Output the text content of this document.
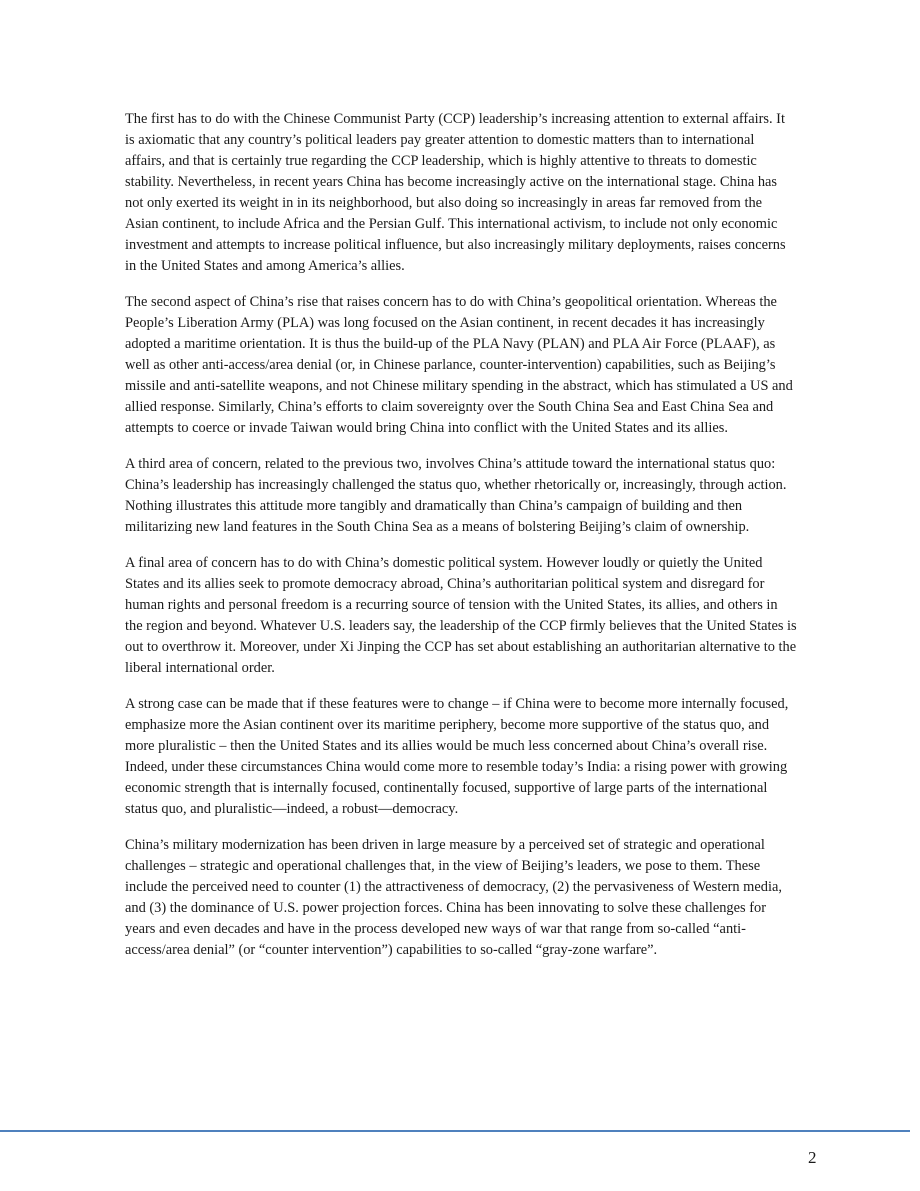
The first has to do with the Chinese Communist Party (CCP) leadership’s increasing attention to external affairs. It is axiomatic that any country’s political leaders pay greater attention to domestic matters than to international affairs, and that is certainly true regarding the CCP leadership, which is highly attentive to threats to domestic stability. Nevertheless, in recent years China has become increasingly active on the international stage. China has not only exerted its weight in in its neighborhood, but also doing so increasingly in areas far removed from the Asian continent, to include Africa and the Persian Gulf. This international activism, to include not only economic investment and attempts to increase political influence, but also increasingly military deployments, raises concerns in the United States and among America’s allies.

The second aspect of China’s rise that raises concern has to do with China’s geopolitical orientation. Whereas the People’s Liberation Army (PLA) was long focused on the Asian continent, in recent decades it has increasingly adopted a maritime orientation. It is thus the build-up of the PLA Navy (PLAN) and PLA Air Force (PLAAF), as well as other anti-access/area denial (or, in Chinese parlance, counter-intervention) capabilities, such as Beijing’s missile and anti-satellite weapons, and not Chinese military spending in the abstract, which has stimulated a US and allied response. Similarly, China’s efforts to claim sovereignty over the South China Sea and East China Sea and attempts to coerce or invade Taiwan would bring China into conflict with the United States and its allies.

A third area of concern, related to the previous two, involves China’s attitude toward the international status quo: China’s leadership has increasingly challenged the status quo, whether rhetorically or, increasingly, through action. Nothing illustrates this attitude more tangibly and dramatically than China’s campaign of building and then militarizing new land features in the South China Sea as a means of bolstering Beijing’s claim of ownership.

A final area of concern has to do with China’s domestic political system. However loudly or quietly the United States and its allies seek to promote democracy abroad, China’s authoritarian political system and disregard for human rights and personal freedom is a recurring source of tension with the United States, its allies, and others in the region and beyond. Whatever U.S. leaders say, the leadership of the CCP firmly believes that the United States is out to overthrow it. Moreover, under Xi Jinping the CCP has set about establishing an authoritarian alternative to the liberal international order.

A strong case can be made that if these features were to change – if China were to become more internally focused, emphasize more the Asian continent over its maritime periphery, become more supportive of the status quo, and more pluralistic – then the United States and its allies would be much less concerned about China’s overall rise. Indeed, under these circumstances China would come more to resemble today’s India: a rising power with growing economic strength that is internally focused, continentally focused, supportive of large parts of the international status quo, and pluralistic—indeed, a robust—democracy.

China’s military modernization has been driven in large measure by a perceived set of strategic and operational challenges – strategic and operational challenges that, in the view of Beijing’s leaders, we pose to them. These include the perceived need to counter (1) the attractiveness of democracy, (2) the pervasiveness of Western media, and (3) the dominance of U.S. power projection forces. China has been innovating to solve these challenges for years and even decades and have in the process developed new ways of war that range from so-called “anti-access/area denial” (or “counter intervention”) capabilities to so-called “gray-zone warfare”.

2
